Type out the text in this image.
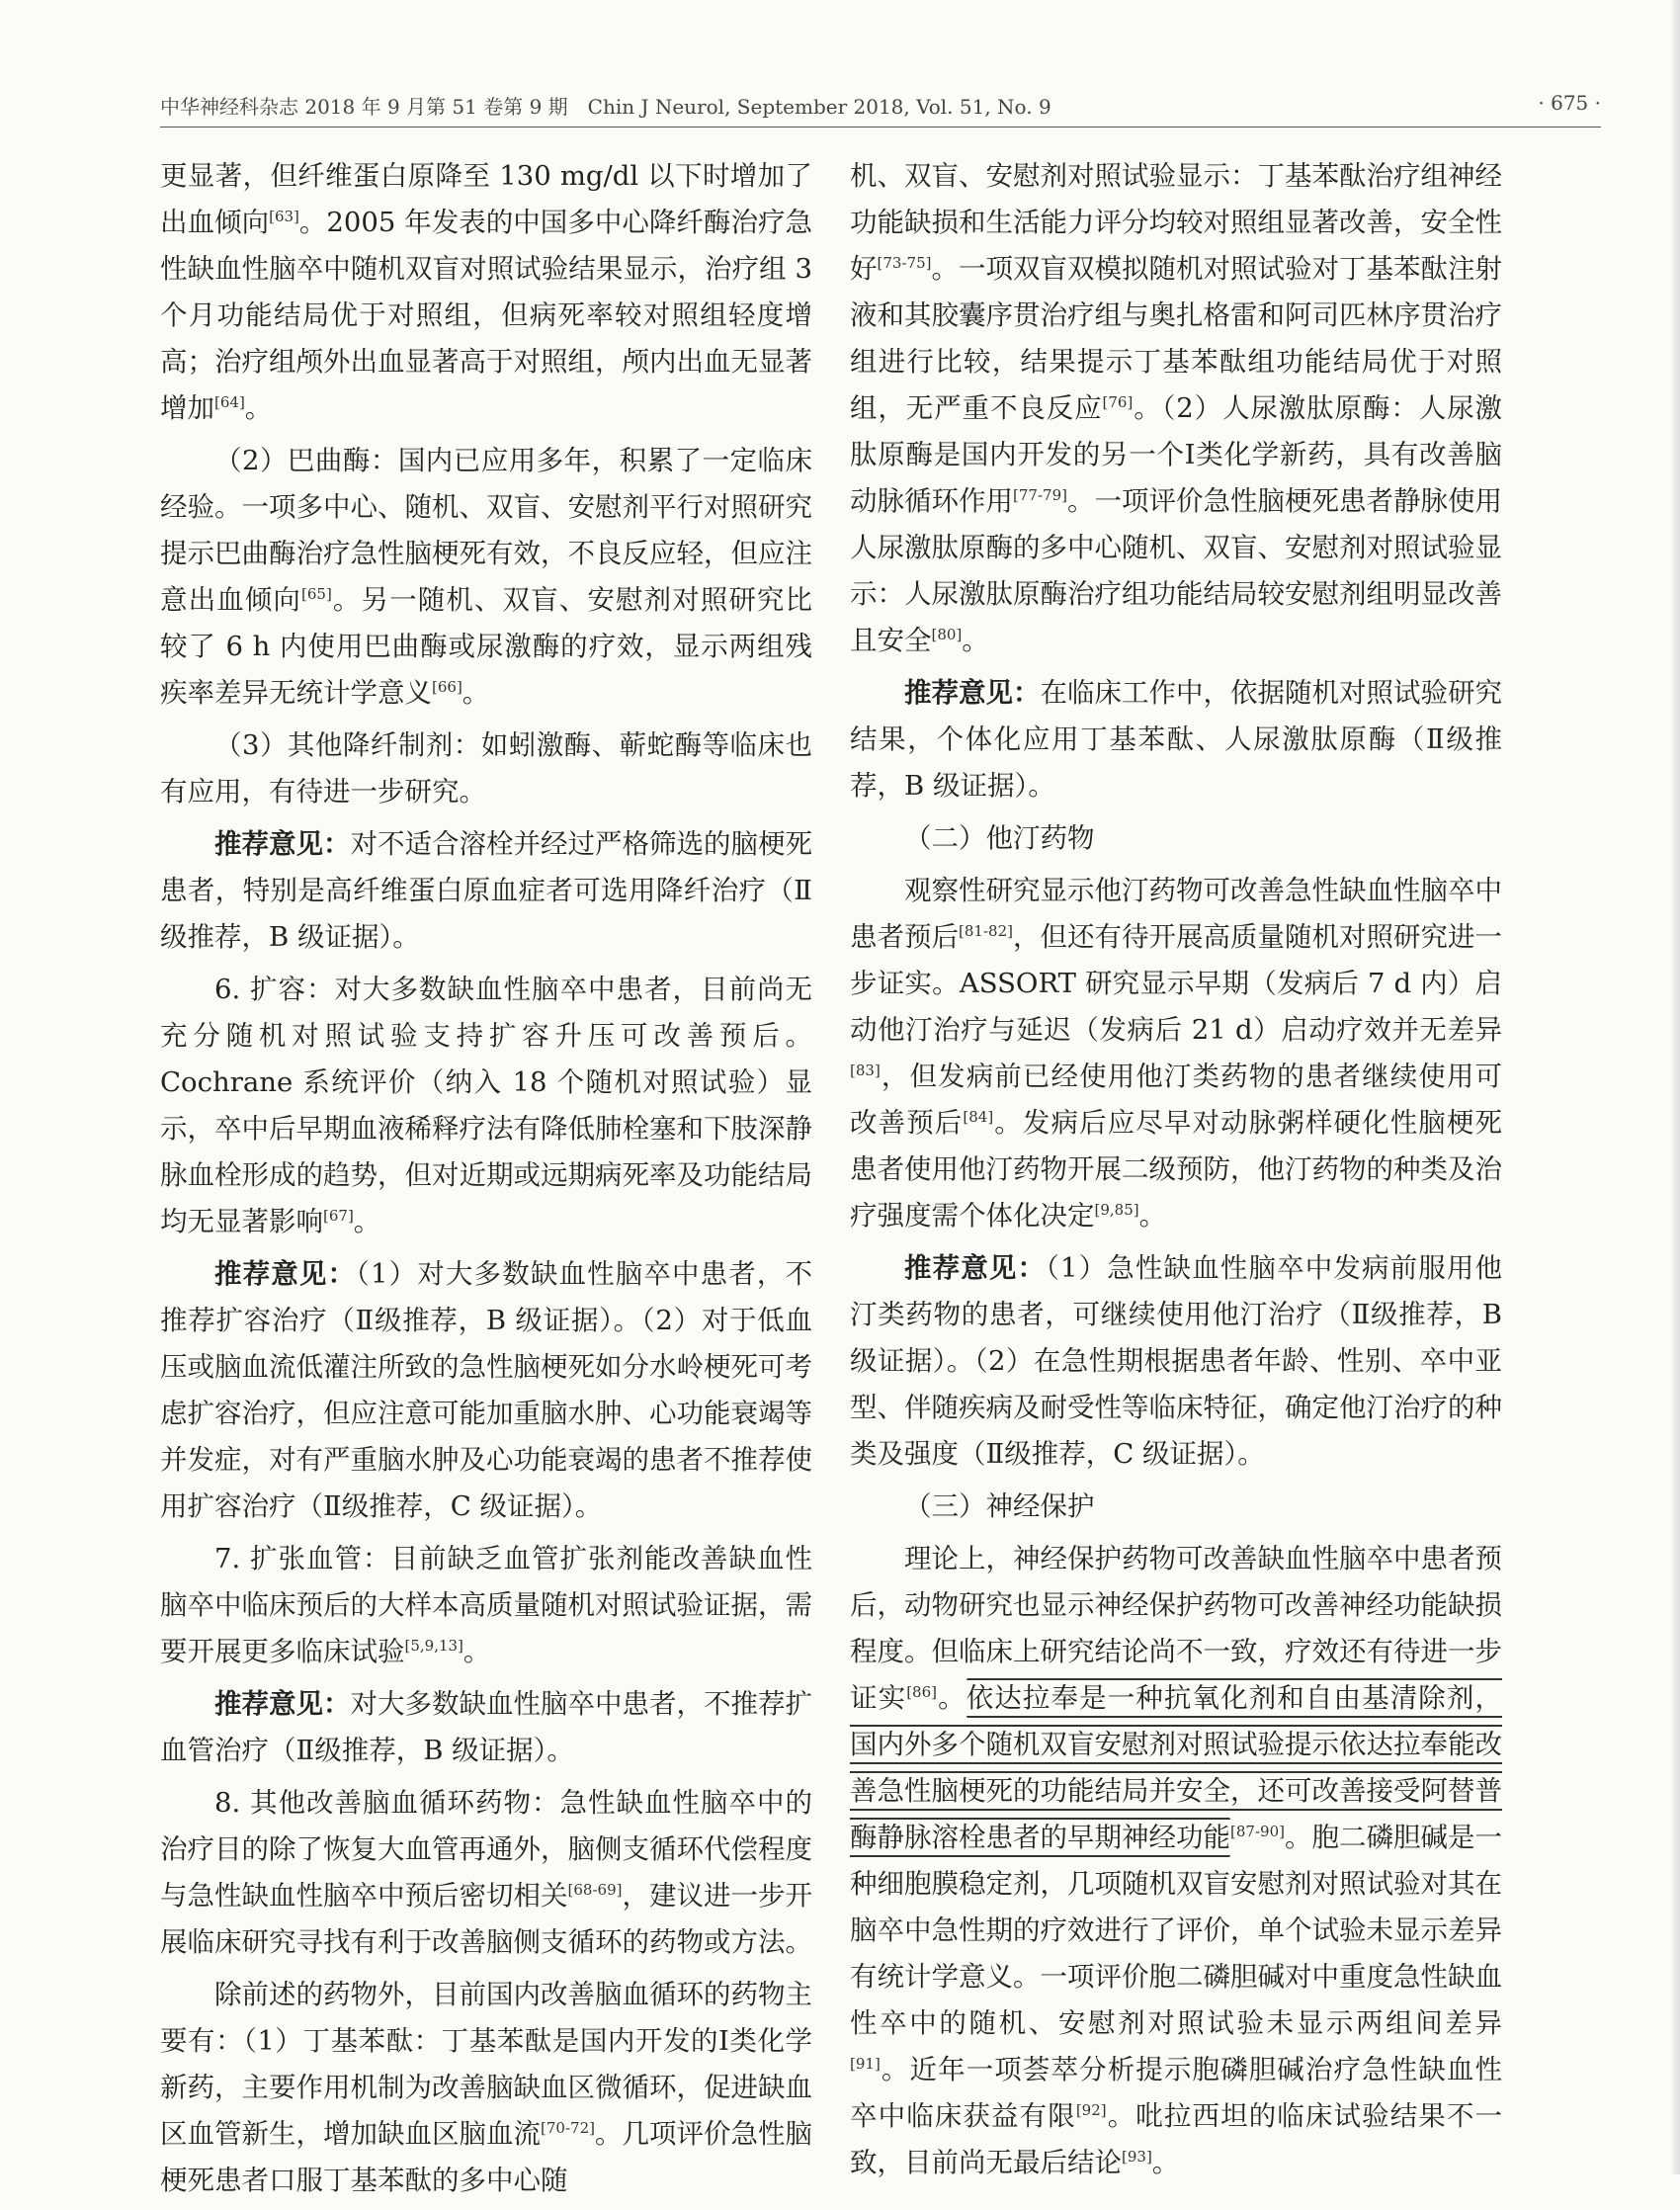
中华神经科杂志 2018 年 9 月第 51 卷第 9 期　Chin J Neurol, September 2018, Vol. 51, No. 9	· 675 ·

更显著，但纤维蛋白原降至 130 mg/dl 以下时增加了出血倾向[63]。2005 年发表的中国多中心降纤酶治疗急性缺血性脑卒中随机双盲对照试验结果显示，治疗组 3 个月功能结局优于对照组，但病死率较对照组轻度增高；治疗组颅外出血显著高于对照组，颅内出血无显著增加[64]。

（2）巴曲酶：国内已应用多年，积累了一定临床经验。一项多中心、随机、双盲、安慰剂平行对照研究提示巴曲酶治疗急性脑梗死有效，不良反应轻，但应注意出血倾向[65]。另一随机、双盲、安慰剂对照研究比较了 6 h 内使用巴曲酶或尿激酶的疗效，显示两组残疾率差异无统计学意义[66]。

（3）其他降纤制剂：如蚓激酶、蕲蛇酶等临床也有应用，有待进一步研究。

推荐意见：对不适合溶栓并经过严格筛选的脑梗死患者，特别是高纤维蛋白原血症者可选用降纤治疗（Ⅱ级推荐，B 级证据）。

6. 扩容：对大多数缺血性脑卒中患者，目前尚无充分随机对照试验支持扩容升压可改善预后。Cochrane 系统评价（纳入 18 个随机对照试验）显示，卒中后早期血液稀释疗法有降低肺栓塞和下肢深静脉血栓形成的趋势，但对近期或远期病死率及功能结局均无显著影响[67]。

推荐意见：（1）对大多数缺血性脑卒中患者，不推荐扩容治疗（Ⅱ级推荐，B 级证据）。（2）对于低血压或脑血流低灌注所致的急性脑梗死如分水岭梗死可考虑扩容治疗，但应注意可能加重脑水肿、心功能衰竭等并发症，对有严重脑水肿及心功能衰竭的患者不推荐使用扩容治疗（Ⅱ级推荐，C 级证据）。

7. 扩张血管：目前缺乏血管扩张剂能改善缺血性脑卒中临床预后的大样本高质量随机对照试验证据，需要开展更多临床试验[5,9,13]。

推荐意见：对大多数缺血性脑卒中患者，不推荐扩血管治疗（Ⅱ级推荐，B 级证据）。

8. 其他改善脑血循环药物：急性缺血性脑卒中的治疗目的除了恢复大血管再通外，脑侧支循环代偿程度与急性缺血性脑卒中预后密切相关[68-69]，建议进一步开展临床研究寻找有利于改善脑侧支循环的药物或方法。

除前述的药物外，目前国内改善脑血循环的药物主要有：（1）丁基苯酞：丁基苯酞是国内开发的Ⅰ类化学新药，主要作用机制为改善脑缺血区微循环，促进缺血区血管新生，增加缺血区脑血流[70-72]。几项评价急性脑梗死患者口服丁基苯酞的多中心随

机、双盲、安慰剂对照试验显示：丁基苯酞治疗组神经功能缺损和生活能力评分均较对照组显著改善，安全性好[73-75]。一项双盲双模拟随机对照试验对丁基苯酞注射液和其胶囊序贯治疗组与奥扎格雷和阿司匹林序贯治疗组进行比较，结果提示丁基苯酞组功能结局优于对照组，无严重不良反应[76]。（2）人尿激肽原酶：人尿激肽原酶是国内开发的另一个Ⅰ类化学新药，具有改善脑动脉循环作用[77-79]。一项评价急性脑梗死患者静脉使用人尿激肽原酶的多中心随机、双盲、安慰剂对照试验显示：人尿激肽原酶治疗组功能结局较安慰剂组明显改善且安全[80]。

推荐意见：在临床工作中，依据随机对照试验研究结果，个体化应用丁基苯酞、人尿激肽原酶（Ⅱ级推荐，B 级证据）。

（二）他汀药物

观察性研究显示他汀药物可改善急性缺血性脑卒中患者预后[81-82]，但还有待开展高质量随机对照研究进一步证实。ASSORT 研究显示早期（发病后 7 d 内）启动他汀治疗与延迟（发病后 21 d）启动疗效并无差异[83]，但发病前已经使用他汀类药物的患者继续使用可改善预后[84]。发病后应尽早对动脉粥样硬化性脑梗死患者使用他汀药物开展二级预防，他汀药物的种类及治疗强度需个体化决定[9,85]。

推荐意见：（1）急性缺血性脑卒中发病前服用他汀类药物的患者，可继续使用他汀治疗（Ⅱ级推荐，B 级证据）。（2）在急性期根据患者年龄、性别、卒中亚型、伴随疾病及耐受性等临床特征，确定他汀治疗的种类及强度（Ⅱ级推荐，C 级证据）。

（三）神经保护

理论上，神经保护药物可改善缺血性脑卒中患者预后，动物研究也显示神经保护药物可改善神经功能缺损程度。但临床上研究结论尚不一致，疗效还有待进一步证实[86]。依达拉奉是一种抗氧化剂和自由基清除剂，国内外多个随机双盲安慰剂对照试验提示依达拉奉能改善急性脑梗死的功能结局并安全，还可改善接受阿替普酶静脉溶栓患者的早期神经功能[87-90]。胞二磷胆碱是一种细胞膜稳定剂，几项随机双盲安慰剂对照试验对其在脑卒中急性期的疗效进行了评价，单个试验未显示差异有统计学意义。一项评价胞二磷胆碱对中重度急性缺血性卒中的随机、安慰剂对照试验未显示两组间差异[91]。近年一项荟萃分析提示胞磷胆碱治疗急性缺血性卒中临床获益有限[92]。吡拉西坦的临床试验结果不一致，目前尚无最后结论[93]。
